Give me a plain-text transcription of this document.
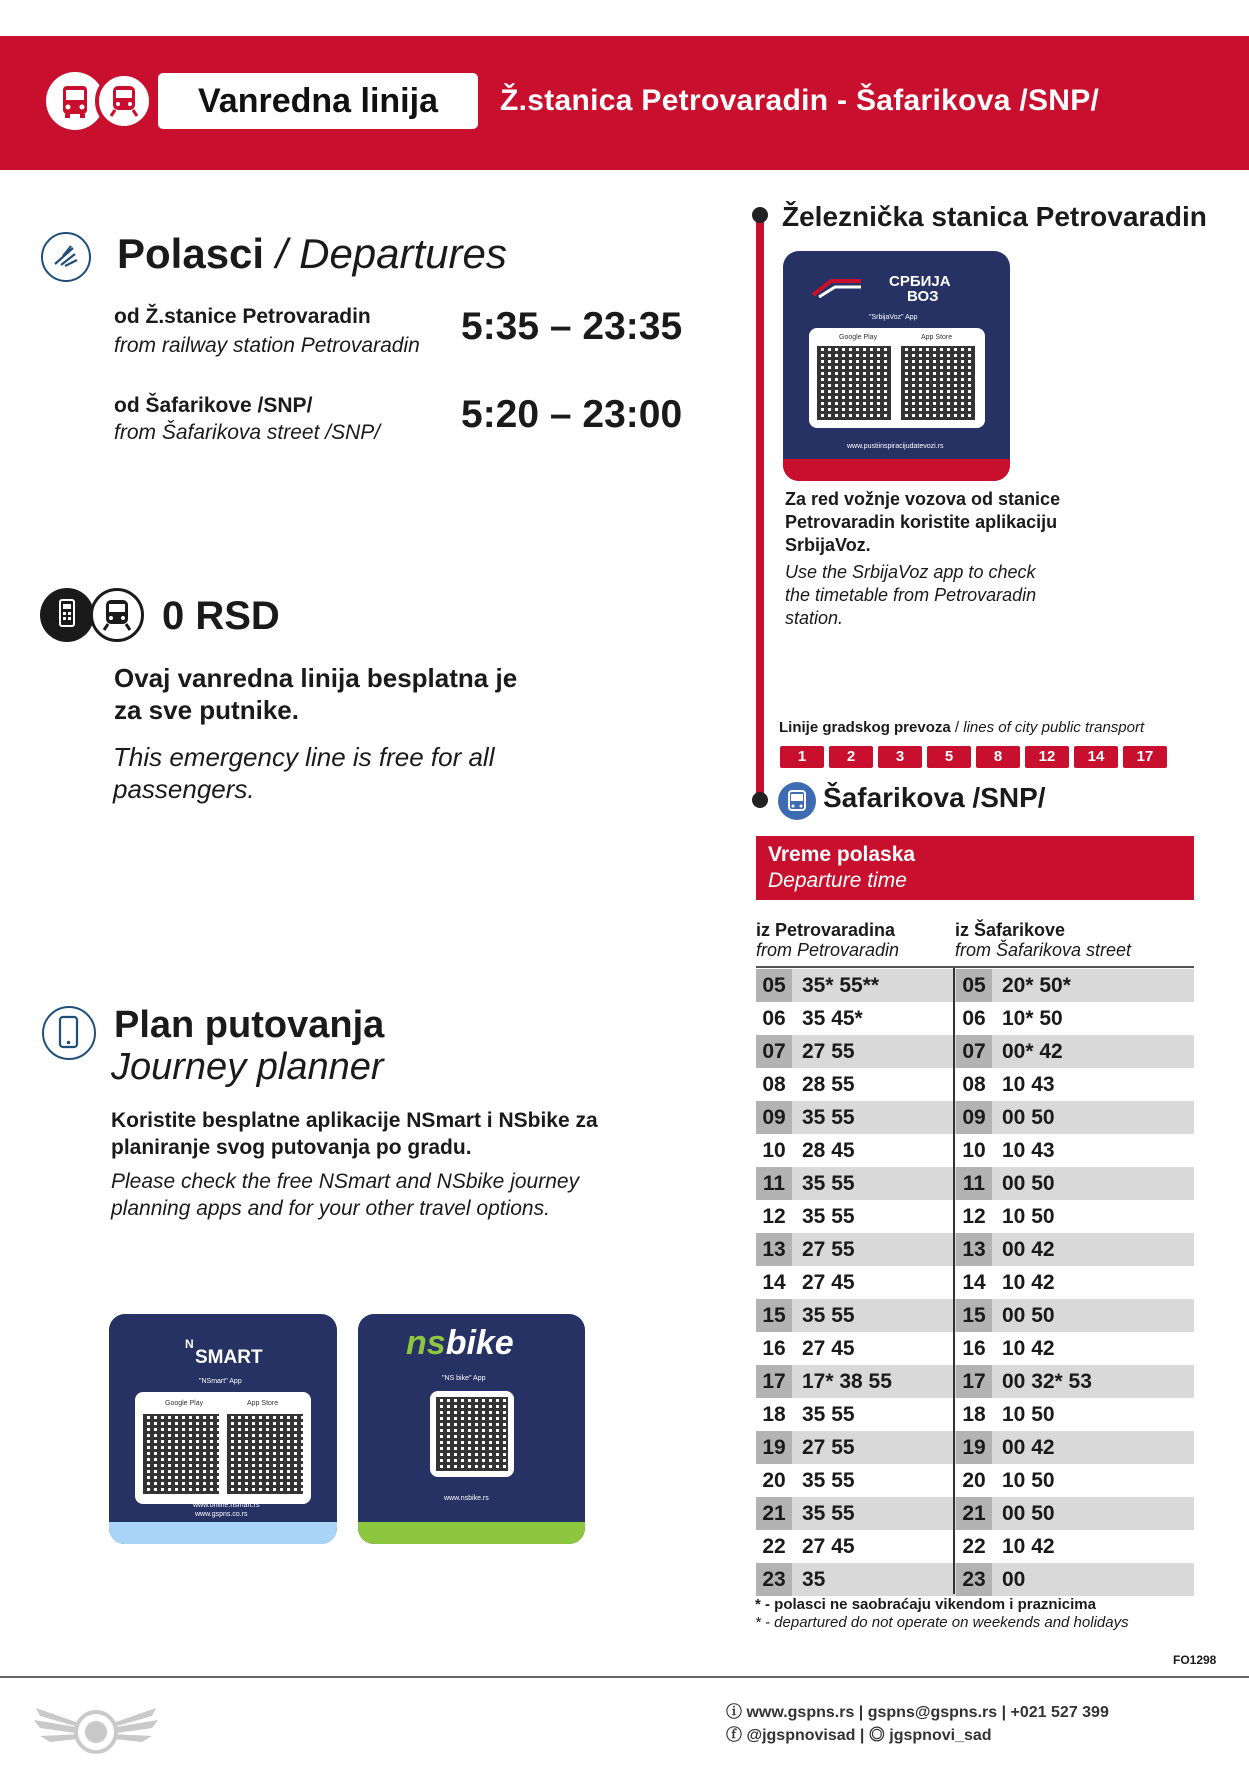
Vanredna linija	Ž.stanica Petrovaradin - Šafarikova /SNP/
Polasci / Departures
od Ž.stanice Petrovaradin
from railway station Petrovaradin 5:35 – 23:35
od Šafarikove /SNP/
from Šafarikova street /SNP/ 5:20 – 23:00
0 RSD
Ovaj vanredna linija besplatna je za sve putnike.
This emergency line is free for all passengers.
Plan putovanja
Journey planner
Koristite besplatne aplikacije NSmart i NSbike za planiranje svog putovanja po gradu.
Please check the free NSmart and NSbike journey planning apps and for your other travel options.
N
SMART
"NSmart" App
Google Play	App Store
www.online.nsmart.rs
www.gspns.co.rs
nsbike
"NS bike" App
www.nsbike.rs
Železnička stanica Petrovaradin
СРБИЈА
ВОЗ
"SrbijaVoz" App
Google Play	App Store
www.pustiinspiracijudatevozi.rs
Za red vožnje vozova od stanice Petrovaradin koristite aplikaciju SrbijaVoz.
Use the SrbijaVoz app to check the timetable from Petrovaradin station.
Linije gradskog prevoza / lines of city public transport
1	2	3	5	8	12	14	17
Šafarikova /SNP/
Vreme polaska
Departure time
iz Petrovaradina
from Petrovaradin
iz Šafarikove
from Šafarikova street
05 35* 55**	05 20* 50*
06 35 45*	06 10* 50
07 27 55	07 00* 42
08 28 55	08 10 43
09 35 55	09 00 50
10 28 45	10 10 43
11 35 55	11 00 50
12 35 55	12 10 50
13 27 55	13 00 42
14 27 45	14 10 42
15 35 55	15 00 50
16 27 45	16 10 42
17 17* 38 55	17 00 32* 53
18 35 55	18 10 50
19 27 55	19 00 42
20 35 55	20 10 50
21 35 55	21 00 50
22 27 45	22 10 42
23 35	23 00
* - polasci ne saobraćaju vikendom i praznicima
* - departured do not operate on weekends and holidays
FO1298
ⓘ www.gspns.rs | gspns@gspns.rs | +021 527 399
ⓕ @jgspnovisad | ◎ jgspnovi_sad
